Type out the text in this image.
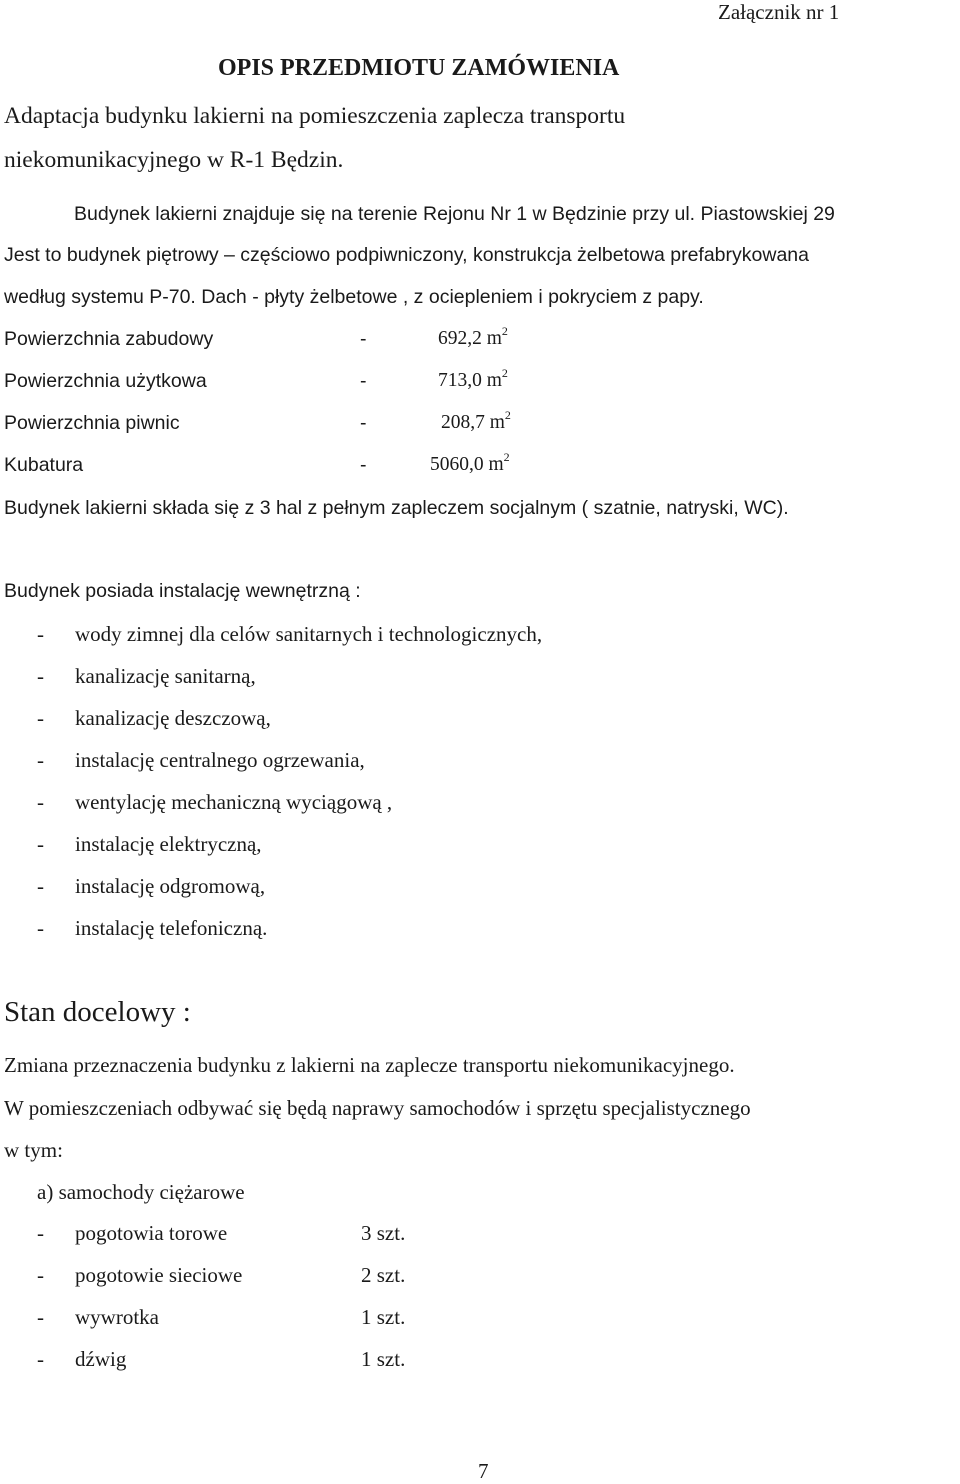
Załącznik nr 1
OPIS PRZEDMIOTU ZAMÓWIENIA
Adaptacja budynku lakierni na pomieszczenia zaplecza transportu
niekomunikacyjnego w R-1 Będzin.
Budynek lakierni znajduje się na terenie Rejonu Nr 1 w Będzinie przy ul. Piastowskiej 29
Jest to budynek piętrowy – częściowo podpiwniczony, konstrukcja żelbetowa prefabrykowana
według systemu P-70. Dach - płyty żelbetowe , z ociepleniem i pokryciem z papy.
Powierzchnia zabudowy	-	692,2 $m^2$
Powierzchnia użytkowa	-	713,0 $m^2$
Powierzchnia piwnic	-	208,7 $m^2$
Kubatura	-	5060,0 $m^2$
Budynek lakierni składa się z 3 hal z pełnym zapleczem socjalnym ( szatnie, natryski, WC).
Budynek posiada instalację wewnętrzną :
- wody zimnej dla celów sanitarnych i technologicznych,
- kanalizację sanitarną,
- kanalizację deszczową,
- instalację centralnego ogrzewania,
- wentylację mechaniczną wyciągową ,
- instalację elektryczną,
- instalację odgromową,
- instalację telefoniczną.
Stan docelowy :
Zmiana przeznaczenia budynku z lakierni na zaplecze transportu niekomunikacyjnego.
W pomieszczeniach odbywać się będą naprawy samochodów i sprzętu specjalistycznego
w tym:
a) samochody ciężarowe
- pogotowia torowe	3 szt.
- pogotowie sieciowe	2 szt.
- wywrotka	1 szt.
- dźwig	1 szt.
7
